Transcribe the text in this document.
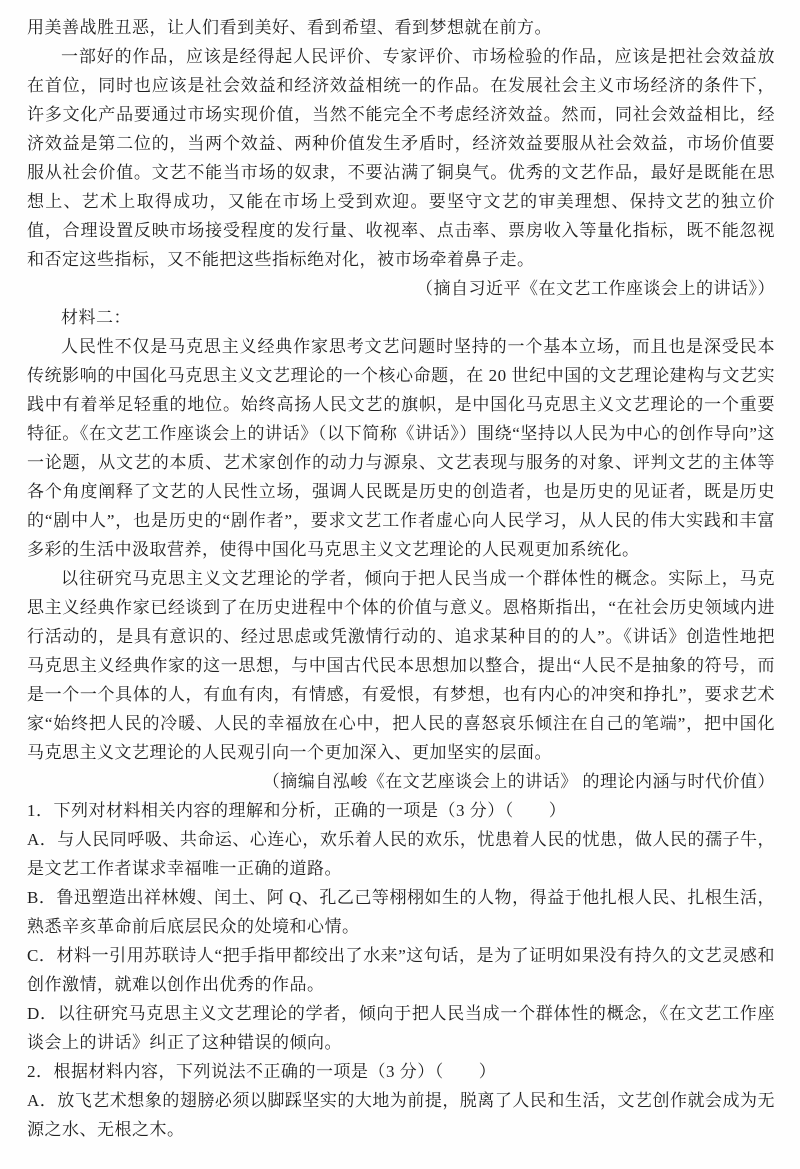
用美善战胜丑恶，让人们看到美好、看到希望、看到梦想就在前方。

一部好的作品，应该是经得起人民评价、专家评价、市场检验的作品，应该是把社会效益放在首位，同时也应该是社会效益和经济效益相统一的作品。在发展社会主义市场经济的条件下，许多文化产品要通过市场实现价值，当然不能完全不考虑经济效益。然而，同社会效益相比，经济效益是第二位的，当两个效益、两种价值发生矛盾时，经济效益要服从社会效益，市场价值要服从社会价值。文艺不能当市场的奴隶，不要沾满了铜臭气。优秀的文艺作品，最好是既能在思想上、艺术上取得成功，又能在市场上受到欢迎。要坚守文艺的审美理想、保持文艺的独立价值，合理设置反映市场接受程度的发行量、收视率、点击率、票房收入等量化指标，既不能忽视和否定这些指标，又不能把这些指标绝对化，被市场牵着鼻子走。

（摘自习近平《在文艺工作座谈会上的讲话》）

材料二：

人民性不仅是马克思主义经典作家思考文艺问题时坚持的一个基本立场，而且也是深受民本传统影响的中国化马克思主义文艺理论的一个核心命题，在 20 世纪中国的文艺理论建构与文艺实践中有着举足轻重的地位。始终高扬人民文艺的旗帜，是中国化马克思主义文艺理论的一个重要特征。《在文艺工作座谈会上的讲话》（以下简称《讲话》）围绕“坚持以人民为中心的创作导向”这一论题，从文艺的本质、艺术家创作的动力与源泉、文艺表现与服务的对象、评判文艺的主体等各个角度阐释了文艺的人民性立场，强调人民既是历史的创造者，也是历史的见证者，既是历史的“剧中人”，也是历史的“剧作者”，要求文艺工作者虚心向人民学习，从人民的伟大实践和丰富多彩的生活中汲取营养，使得中国化马克思主义文艺理论的人民观更加系统化。

以往研究马克思主义文艺理论的学者，倾向于把人民当成一个群体性的概念。实际上，马克思主义经典作家已经谈到了在历史进程中个体的价值与意义。恩格斯指出，“在社会历史领域内进行活动的，是具有意识的、经过思虑或凭激情行动的、追求某种目的的人”。《讲话》创造性地把马克思主义经典作家的这一思想，与中国古代民本思想加以整合，提出“人民不是抽象的符号，而是一个一个具体的人，有血有肉，有情感，有爱恨，有梦想，也有内心的冲突和挣扎”，要求艺术家“始终把人民的冷暖、人民的幸福放在心中，把人民的喜怒哀乐倾注在自己的笔端”，把中国化马克思主义文艺理论的人民观引向一个更加深入、更加坚实的层面。

（摘编自泓峻《在文艺座谈会上的讲话》 的理论内涵与时代价值）

1．下列对材料相关内容的理解和分析，正确的一项是（3 分）（　　）

A．与人民同呼吸、共命运、心连心，欢乐着人民的欢乐，忧患着人民的忧患，做人民的孺子牛，是文艺工作者谋求幸福唯一正确的道路。

B．鲁迅塑造出祥林嫂、闰土、阿 Q、孔乙己等栩栩如生的人物，得益于他扎根人民、扎根生活，熟悉辛亥革命前后底层民众的处境和心情。

C．材料一引用苏联诗人“把手指甲都绞出了水来”这句话，是为了证明如果没有持久的文艺灵感和创作激情，就难以创作出优秀的作品。

D．以往研究马克思主义文艺理论的学者，倾向于把人民当成一个群体性的概念，《在文艺工作座谈会上的讲话》纠正了这种错误的倾向。

2．根据材料内容，下列说法不正确的一项是（3 分）（　　）

A．放飞艺术想象的翅膀必须以脚踩坚实的大地为前提，脱离了人民和生活，文艺创作就会成为无源之水、无根之木。
